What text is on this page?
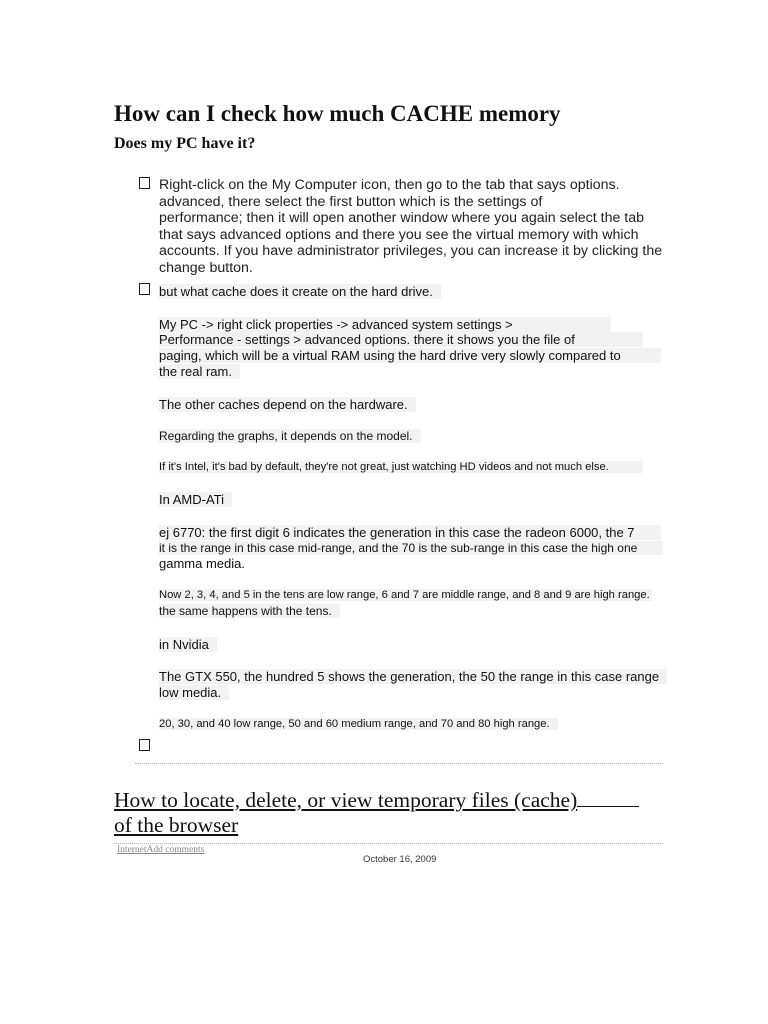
How can I check how much CACHE memory
Does my PC have it?
Right-click on the My Computer icon, then go to the tab that says options.
advanced, there select the first button which is the settings of
performance; then it will open another window where you again select the tab
that says advanced options and there you see the virtual memory with which
accounts. If you have administrator privileges, you can increase it by clicking the
change button.
but what cache does it create on the hard drive.
My PC -> right click properties -> advanced system settings >
Performance - settings > advanced options. there it shows you the file of
paging, which will be a virtual RAM using the hard drive very slowly compared to
the real ram.
The other caches depend on the hardware.
Regarding the graphs, it depends on the model.
If it's Intel, it's bad by default, they're not great, just watching HD videos and not much else.
In AMD-ATi
ej 6770: the first digit 6 indicates the generation in this case the radeon 6000, the 7
it is the range in this case mid-range, and the 70 is the sub-range in this case the high one
gamma media.
Now 2, 3, 4, and 5 in the tens are low range, 6 and 7 are middle range, and 8 and 9 are high range.
the same happens with the tens.
in Nvidia
The GTX 550, the hundred 5 shows the generation, the 50 the range in this case range
low media.
20, 30, and 40 low range, 50 and 60 medium range, and 70 and 80 high range.
How to locate, delete, or view temporary files (cache)
of the browser
InternetAdd comments
October 16, 2009
